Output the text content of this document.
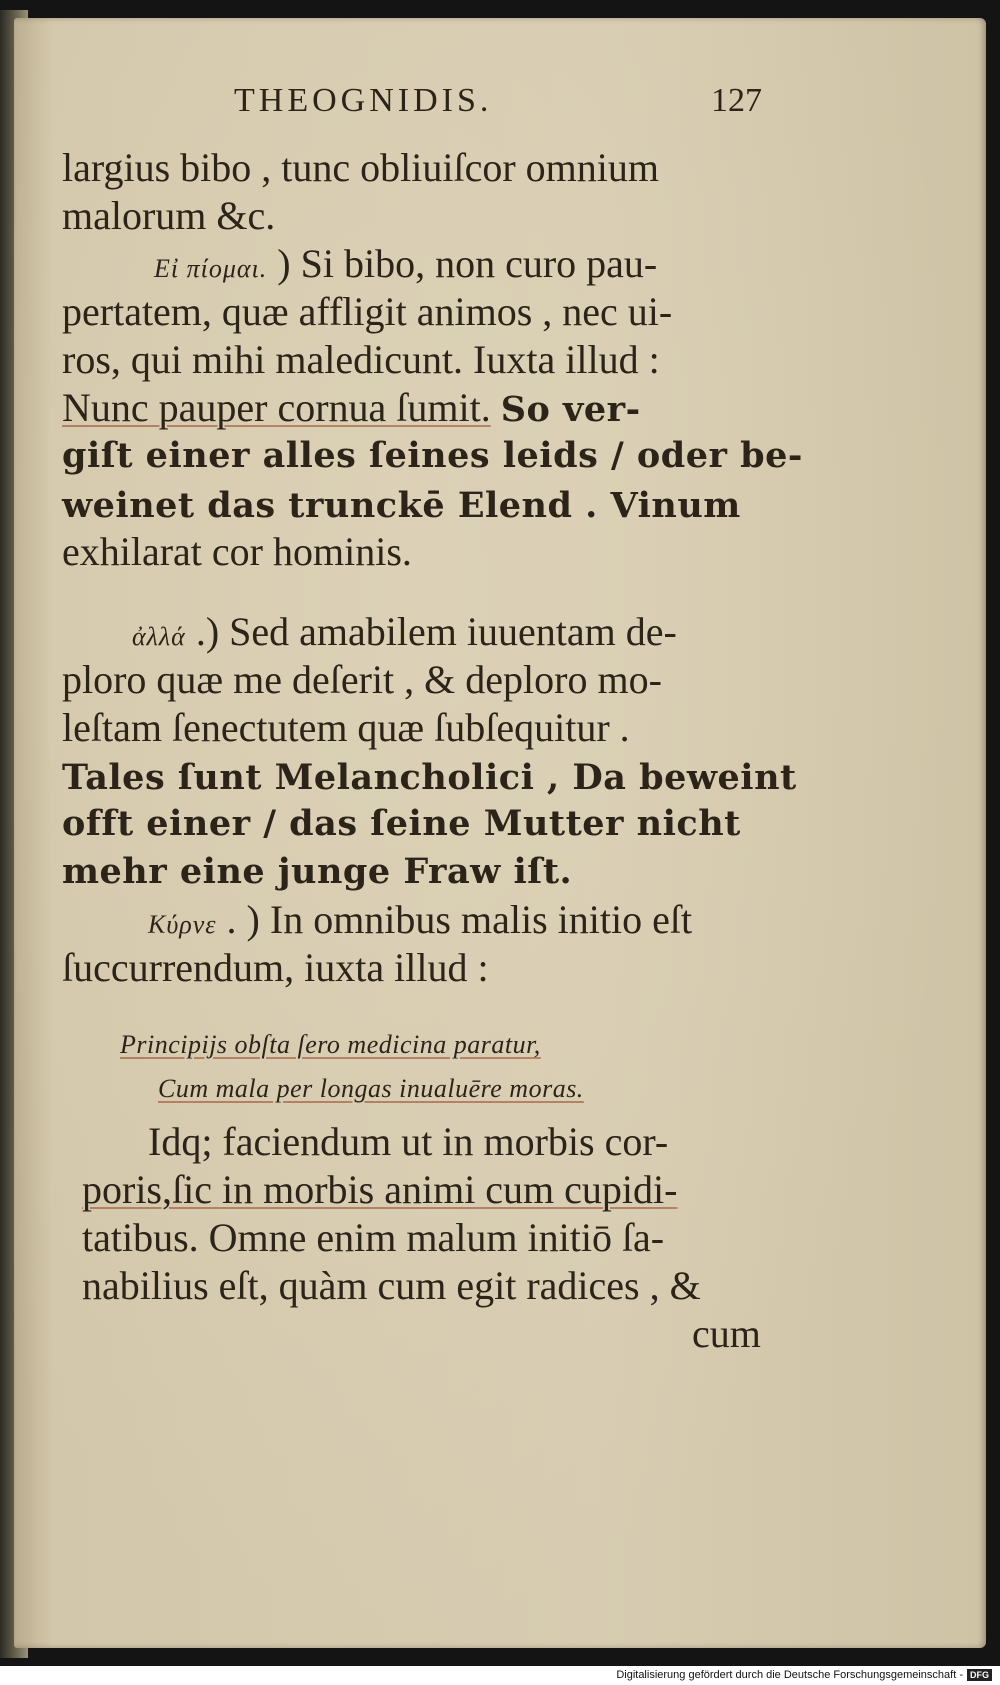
THEOGNIDIS.	127
largius bibo , tunc obliuiſcor omnium
malorum &c.
Εἰ πίομαι. ) Si bibo, non curo pau-
pertatem, quæ affligit animos , nec ui-
ros, qui mihi maledicunt. Iuxta illud :
Nunc pauper cornua ſumit. So ver-
giſt einer alles ſeines leids / oder be-
weinet das trunckē Elend . Vinum
exhilarat cor hominis.
ἀλλά .) Sed amabilem iuuentam de-
ploro quæ me deſerit , & deploro mo-
leſtam ſenectutem quæ ſubſequitur .
Tales ſunt Melancholici , Da beweint
offt einer / das ſeine Mutter nicht
mehr eine junge Fraw iſt.
Κύρνε . ) In omnibus malis initio eſt
ſuccurrendum, iuxta illud :
Principijs obſta ſero medicina paratur,
Cum mala per longas inualuēre moras.
Idq; faciendum ut in morbis cor-
poris,ſic in morbis animi cum cupidi-
tatibus. Omne enim malum initiō ſa-
nabilius eſt, quàm cum egit radices , &
cum
Digitalisierung gefördert durch die Deutsche Forschungsgemeinschaft - DFG
